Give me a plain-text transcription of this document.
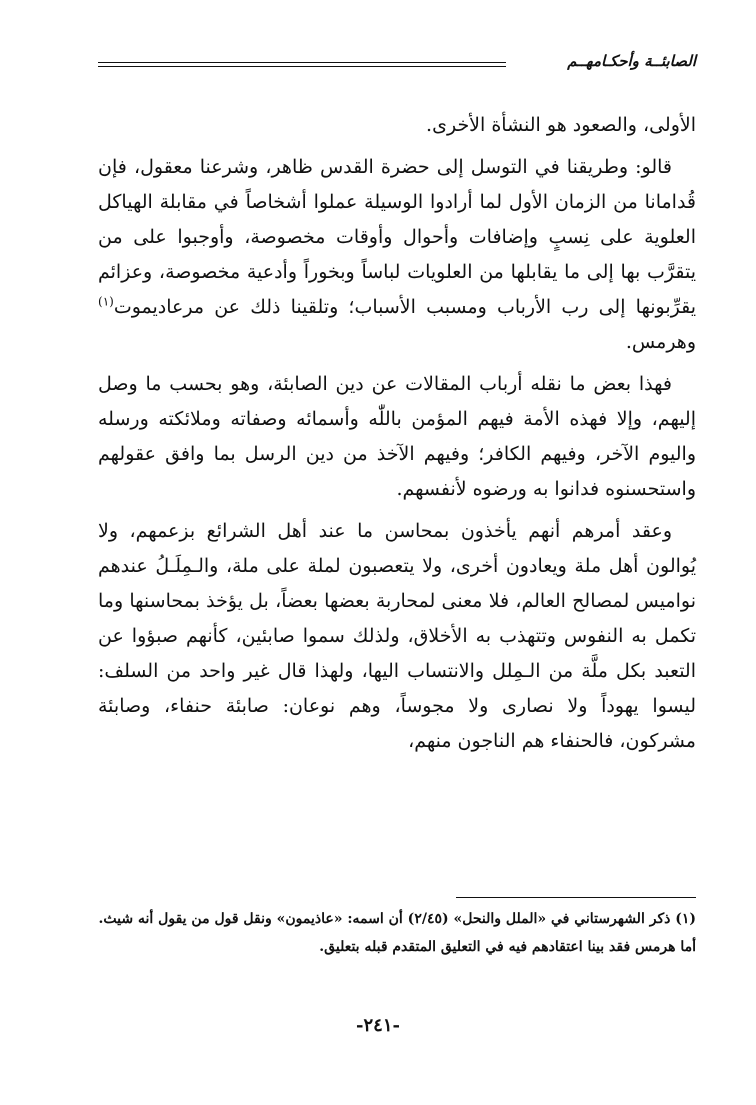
الصابئــة وأحكـامهــم

الأولى، والصعود هو النشأة الأخرى.

قالو: وطريقنا في التوسل إلى حضرة القدس ظاهر، وشرعنا معقول، فإن قُدامانا من الزمان الأول لما أرادوا الوسيلة عملوا أشخاصاً في مقابلة الهياكل العلوية على نِسبٍ وإضافات وأحوال وأوقات مخصوصة، وأوجبوا على من يتقرَّب بها إلى ما يقابلها من العلويات لباساً وبخوراً وأدعية مخصوصة، وعزائم يقرِّبونها إلى رب الأرباب ومسبب الأسباب؛ وتلقينا ذلك عن مرعاديموت$^{(١)}$ وهرمس.

فهذا بعض ما نقله أرباب المقالات عن دين الصابئة، وهو بحسب ما وصل إليهم، وإلا فهذه الأمة فيهم المؤمن باللّٰه وأسمائه وصفاته وملائكته ورسله واليوم الآخر، وفيهم الكافر؛ وفيهم الآخذ من دين الرسل بما وافق عقولهم واستحسنوه فدانوا به ورضوه لأنفسهم.

وعقد أمرهم أنهم يأخذون بمحاسن ما عند أهل الشرائع بزعمهم، ولا يُوالون أهل ملة ويعادون أخرى، ولا يتعصبون لملة على ملة، والـمِلَـلُ عندهم نواميس لمصالح العالم، فلا معنى لمحاربة بعضها بعضاً، بل يؤخذ بمحاسنها وما تكمل به النفوس وتتهذب به الأخلاق، ولذلك سموا صابئين، كأنهم صبؤوا عن التعبد بكل ملَّة من الـمِلل والانتساب اليها، ولهذا قال غير واحد من السلف: ليسوا يهوداً ولا نصارى ولا مجوساً، وهم نوعان: صابئة حنفاء، وصابئة مشركون، فالحنفاء هم الناجون منهم،

(١) ذكر الشهرستاني في «الملل والنحل» (٢/٤٥) أن اسمه: «عاذيمون» ونقل قول من يقول أنه شيث.

أما هرمس فقد بينا اعتقادهم فيه في التعليق المتقدم قبله بتعليق.

-٢٤١-
